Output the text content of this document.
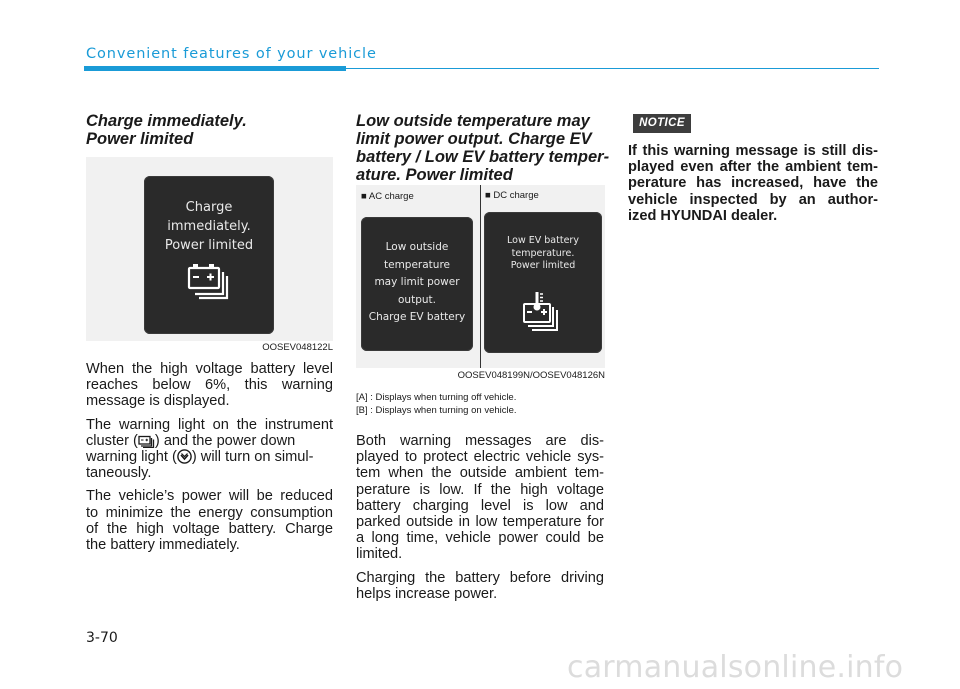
Convenient features of your vehicle
Charge immediately.
Power limited
Charge
immediately.
Power limited
OOSEV048122L
When the high voltage battery level
reaches below 6%, this warning
message is displayed.
The warning light on the instrument
cluster ( ) and the power down
warning light ( ) will turn on simul-
taneously.
The vehicle’s power will be reduced
to minimize the energy consumption
of the high voltage battery. Charge
the battery immediately.
Low outside temperature may
limit power output. Charge EV
battery / Low EV battery temper-
ature. Power limited
■ AC charge	■ DC charge
Low outside
temperature
may limit power
output.
Charge EV battery
Low EV battery
temperature.
Power limited
OOSEV048199N/OOSEV048126N
[A] : Displays when turning off vehicle.
[B] : Displays when turning on vehicle.
Both warning messages are dis-
played to protect electric vehicle sys-
tem when the outside ambient tem-
perature is low. If the high voltage
battery charging level is low and
parked outside in low temperature for
a long time, vehicle power could be
limited.
Charging the battery before driving
helps increase power.
NOTICE
If this warning message is still dis-
played even after the ambient tem-
perature has increased, have the
vehicle inspected by an author-
ized HYUNDAI dealer.
3-70
carmanualsonline.info
